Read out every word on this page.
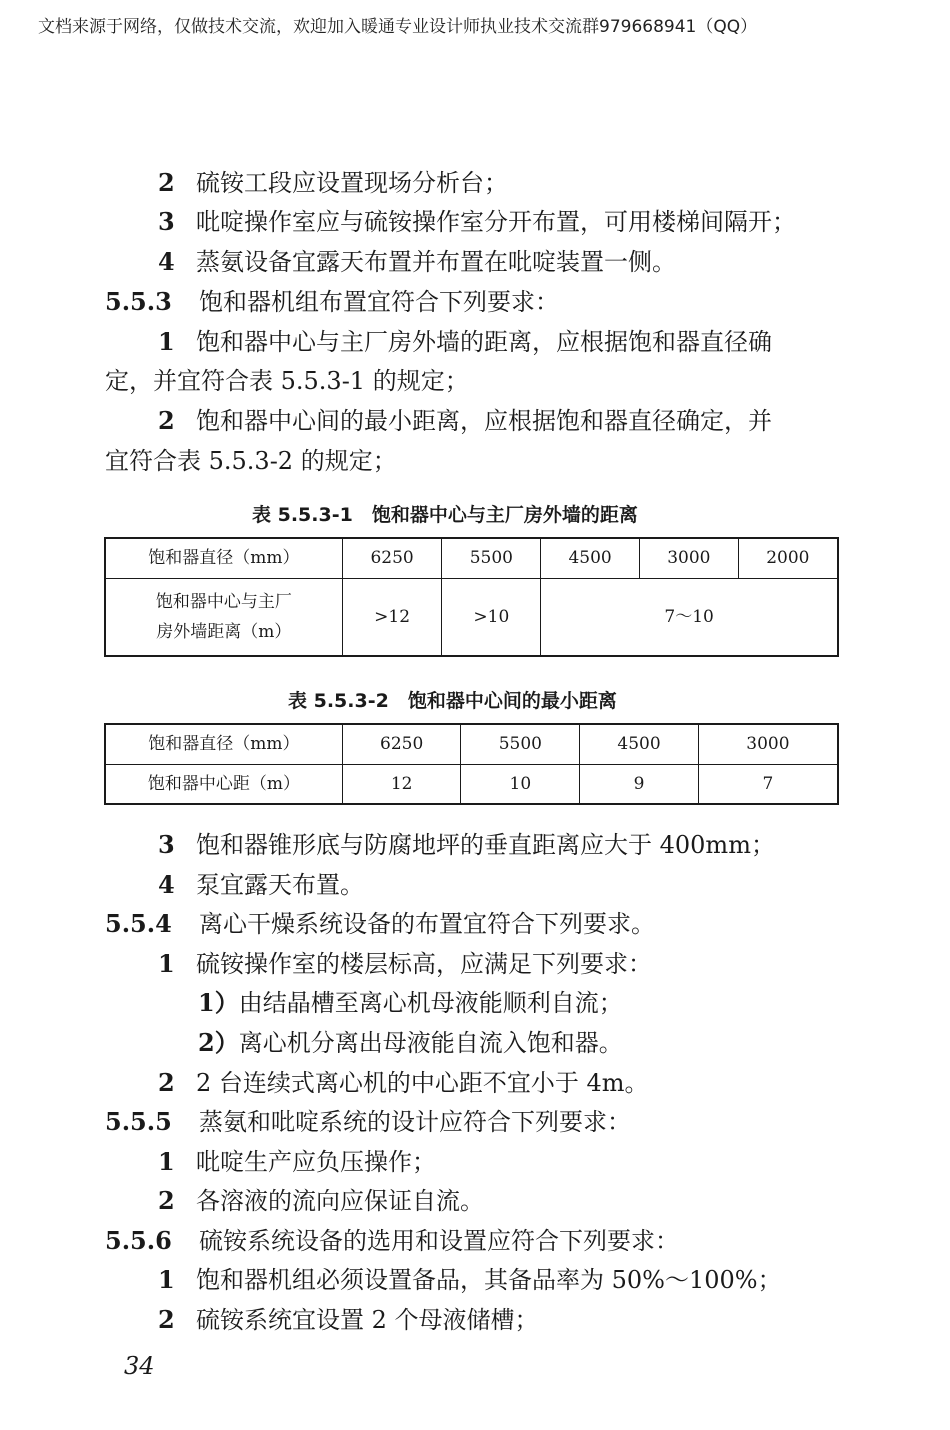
文档来源于网络，仅做技术交流，欢迎加入暖通专业设计师执业技术交流群979668941（QQ）
2 硫铵工段应设置现场分析台；
3 吡啶操作室应与硫铵操作室分开布置，可用楼梯间隔开；
4 蒸氨设备宜露天布置并布置在吡啶装置一侧。
5.5.3 饱和器机组布置宜符合下列要求：
1 饱和器中心与主厂房外墙的距离，应根据饱和器直径确
定，并宜符合表 5.5.3-1 的规定；
2 饱和器中心间的最小距离，应根据饱和器直径确定，并
宜符合表 5.5.3-2 的规定；
表 5.5.3-1　饱和器中心与主厂房外墙的距离
饱和器直径（mm）	6250	5500	4500	3000	2000

饱和器中心与主厂
房外墙距离（m）	>12	>10	7～10		
表 5.5.3-2　饱和器中心间的最小距离
饱和器直径（mm）	6250	5500	4500	3000
饱和器中心距（m）	12	10	9	7
3 饱和器锥形底与防腐地坪的垂直距离应大于 400mm；
4 泵宜露天布置。
5.5.4 离心干燥系统设备的布置宜符合下列要求。
1 硫铵操作室的楼层标高，应满足下列要求：
1）由结晶槽至离心机母液能顺利自流；
2）离心机分离出母液能自流入饱和器。
2 2 台连续式离心机的中心距不宜小于 4m。
5.5.5 蒸氨和吡啶系统的设计应符合下列要求：
1 吡啶生产应负压操作；
2 各溶液的流向应保证自流。
5.5.6 硫铵系统设备的选用和设置应符合下列要求：
1 饱和器机组必须设置备品，其备品率为 50%～100%；
2 硫铵系统宜设置 2 个母液储槽；
34
